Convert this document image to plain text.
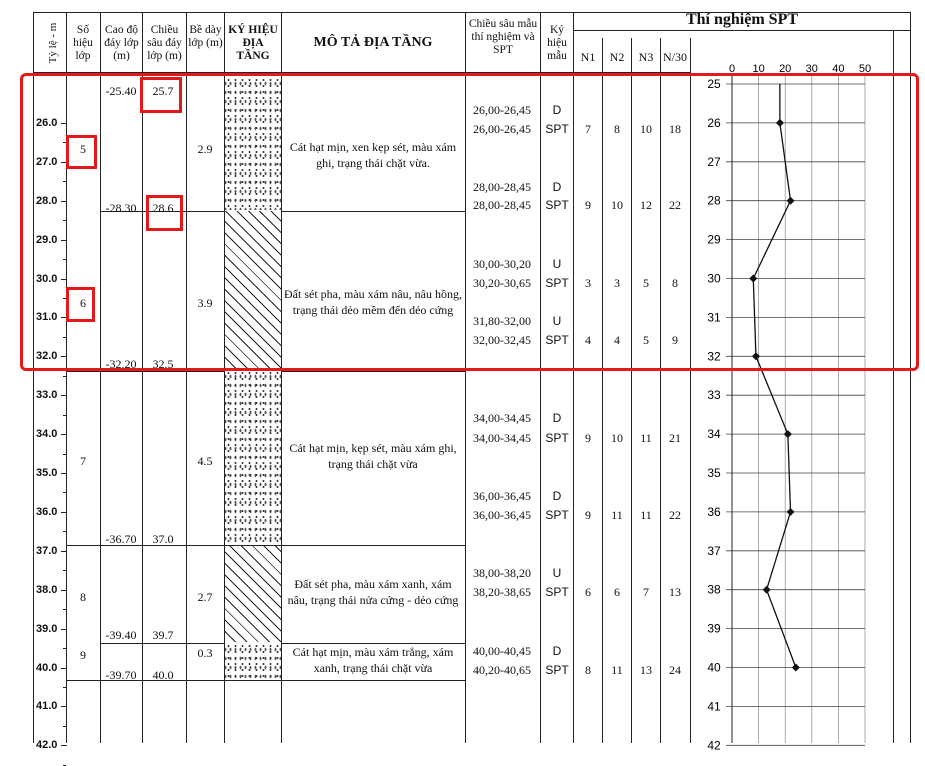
Tỷ lệ - m	Số hiệu lớp
Cao độ đáy lớp (m)
Chiều sâu đáy lớp (m)
Bề dày lớp (m)
KÝ HIỆU ĐỊA TẦNG
MÔ TẢ ĐỊA TẦNG
Chiều sâu mẫu thí nghiệm và SPT
Ký hiệu mẫu	N1 N2 N3 N/30
Thí nghiệm SPT
26.0
27.0
28.0
29.0
30.0
31.0
32.0
33.0
34.0
35.0
36.0
37.0
38.0
39.0
40.0
41.0
42.0
5
6
7
8
9
-25.40
-28.30
-32.20
-36.70
-39.40
-39.70
25.7
28.6
32.5
37.0
39.7
40.0
2.9
3.9
4.5
2.7
0.3
Cát hạt mịn, xen kẹp sét, màu xám ghi, trạng thái chặt vừa.
Đất sét pha, màu xám nâu, nâu hồng, trạng thái dẻo mềm đến dẻo cứng
Cát hạt mịn, kẹp sét, màu xám ghi, trạng thái chặt vừa
Đất sét pha, màu xám xanh, xám nâu, trạng thái nửa cứng - dẻo cứng
Cát hạt mịn, màu xám trắng, xám xanh, trạng thái chặt vừa
26,00-26,45 D
26,00-26,45 SPT 7 8 10 18
28,00-28,45 D
28,00-28,45 SPT 9 10 12 22
30,00-30,20 U
30,20-30,65 SPT 3 3 5 8
31,80-32,00 U
32,00-32,45 SPT 4 4 5 9
34,00-34,45 D
34,00-34,45 SPT 9 10 11 21
36,00-36,45 D
36,00-36,45 SPT 9 11 11 22
38,00-38,20 U
38,20-38,65 SPT 6 6 7 13
40,00-40,45 D
40,20-40,65 SPT 8 11 13 24
0 10 20 30 40 50
25
26
27
28
29
30
31
32
33
34
35
36
37
38
39
40
41
42
